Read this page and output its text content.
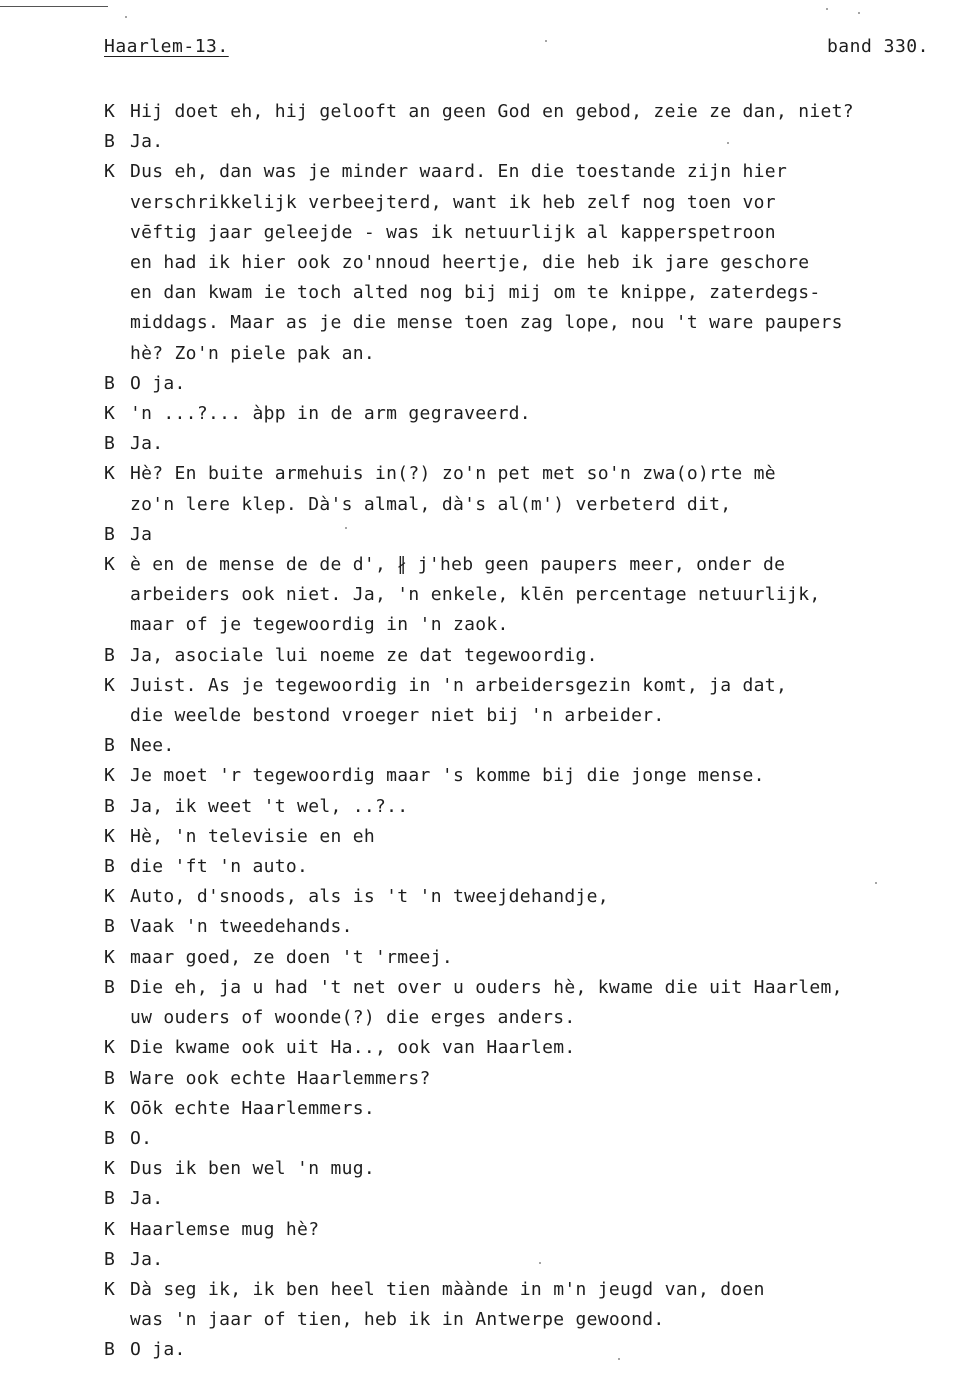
Haarlem-13.	band 330.
K Hij doet eh, hij gelooft an geen God en gebod, zeie ze dan, niet?
B Ja.
K Dus eh, dan was je minder waard. En die toestande zijn hier
verschrikkelijk verbeejterd, want ik heb zelf nog toen vor
vēftig jaar geleejde - was ik netuurlijk al kapperspetroon
en had ik hier ook zo'nnoud heertje, die heb ik jare geschore
en dan kwam ie toch alted nog bij mij om te knippe, zaterdegs-
middags. Maar as je die mense toen zag lope, nou 't ware paupers
hè? Zo'n piele pak an.
B O ja.
K 'n ...?... àþp in de arm gegraveerd.
B Ja.
K Hè? En buite armehuis in(?) zo'n pet met so'n zwa(o)rte mè
zo'n lere klep. Dà's almal, dà's al(m') verbeterd dit,
B Ja
K è en de mense de de d', ∦ j'heb geen paupers meer, onder de
arbeiders ook niet. Ja, 'n enkele, klēn percentage netuurlijk,
maar of je tegewoordig in 'n zaok.
B Ja, asociale lui noeme ze dat tegewoordig.
K Juist. As je tegewoordig in 'n arbeidersgezin komt, ja dat,
die weelde bestond vroeger niet bij 'n arbeider.
B Nee.
K Je moet 'r tegewoordig maar 's komme bij die jonge mense.
B Ja, ik weet 't wel, ..?..
K Hè, 'n televisie en eh
B die 'ft 'n auto.
K Auto, d'snoods, als is 't 'n tweejdehandje,
B Vaak 'n tweedehands.
K maar goed, ze doen 't 'rmeej.
B Die eh, ja u had 't net over u ouders hè, kwame die uit Haarlem,
uw ouders of woonde(?) die erges anders.
K Die kwame ook uit Ha.., ook van Haarlem.
B Ware ook echte Haarlemmers?
K Oōk echte Haarlemmers.
B O.
K Dus ik ben wel 'n mug.
B Ja.
K Haarlemse mug hè?
B Ja.
K Dà seg ik, ik ben heel tien màànde in m'n jeugd van, doen
was 'n jaar of tien, heb ik in Antwerpe gewoond.
B O ja.
